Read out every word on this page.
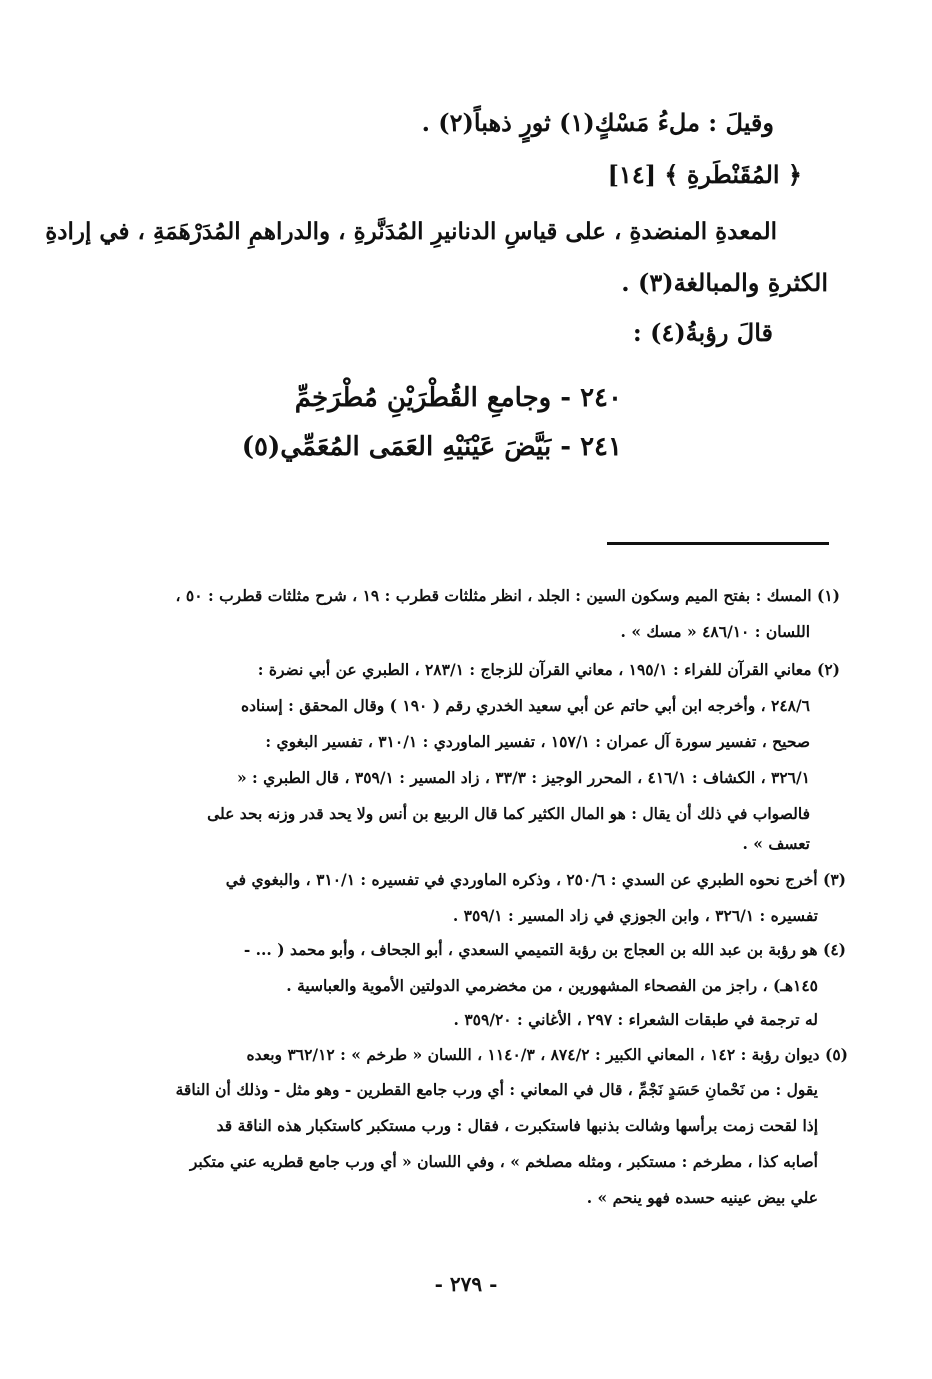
وقيلَ : ملءُ مَسْكٍ(١) ثورٍ ذهباً(٢) .
﴿ المُقَنْطَرةِ ﴾ [١٤]
المعدةِ المنضدةِ ، على قياسِ الدنانيرِ المُدَنَّرةِ ، والدراهمِ المُدَرْهَمَةِ ، في إرادةِ
الكثرةِ والمبالغة(٣) .
قالَ رؤبةُ(٤) :
٢٤٠ - وجامعِ القُطْرَيْنِ مُطْرَخِمِّ
٢٤١ - بَيَّضَ عَيْنَيْهِ العَمَى المُعَمِّي(٥)
(١) المسك : بفتح الميم وسكون السين : الجلد ، انظر مثلثات قطرب : ١٩ ، شرح مثلثات قطرب : ٥٠ ،
اللسان : ٤٨٦/١٠ « مسك » .
(٢) معاني القرآن للفراء : ١٩٥/١ ، معاني القرآن للزجاج : ٢٨٣/١ ، الطبري عن أبي نضرة :
٢٤٨/٦ ، وأخرجه ابن أبي حاتم عن أبي سعيد الخدري رقم ( ١٩٠ ) وقال المحقق : إسناده
صحيح ، تفسير سورة آل عمران : ١٥٧/١ ، تفسير الماوردي : ٣١٠/١ ، تفسير البغوي :
٣٢٦/١ ، الكشاف : ٤١٦/١ ، المحرر الوجيز : ٣٣/٣ ، زاد المسير : ٣٥٩/١ ، قال الطبري : «
فالصواب في ذلك أن يقال : هو المال الكثير كما قال الربيع بن أنس ولا يحد قدر وزنه بحد على
تعسف » .
(٣) أخرج نحوه الطبري عن السدي : ٢٥٠/٦ ، وذكره الماوردي في تفسيره : ٣١٠/١ ، والبغوي في
تفسيره : ٣٢٦/١ ، وابن الجوزي في زاد المسير : ٣٥٩/١ .
(٤) هو رؤبة بن عبد الله بن العجاج بن رؤبة التميمي السعدي ، أبو الجحاف ، وأبو محمد ( ... -
١٤٥هـ) ، راجز من الفصحاء المشهورين ، من مخضرمي الدولتين الأموية والعباسية .
له ترجمة في طبقات الشعراء : ٢٩٧ ، الأغاني : ٣٥٩/٢٠ .
(٥) ديوان رؤبة : ١٤٢ ، المعاني الكبير : ٨٧٤/٢ ، ١١٤٠/٣ ، اللسان « طرخم » : ٣٦٢/١٢ وبعده
يقول : من نَحْمانِ حَسَدٍ نَجْمِّ ، قال في المعاني : أي ورب جامع القطرين - وهو مثل - وذلك أن الناقة
إذا لقحت زمت برأسها وشالت بذنبها فاستكبرت ، فقال : ورب مستكبر كاستكبار هذه الناقة قد
أصابه كذا ، مطرخم : مستكبر ، ومثله مصلخم » ، وفي اللسان « أي ورب جامع قطريه عني متكبر
علي بيض عينيه حسده فهو ينحم » .
- ٢٧٩ -
